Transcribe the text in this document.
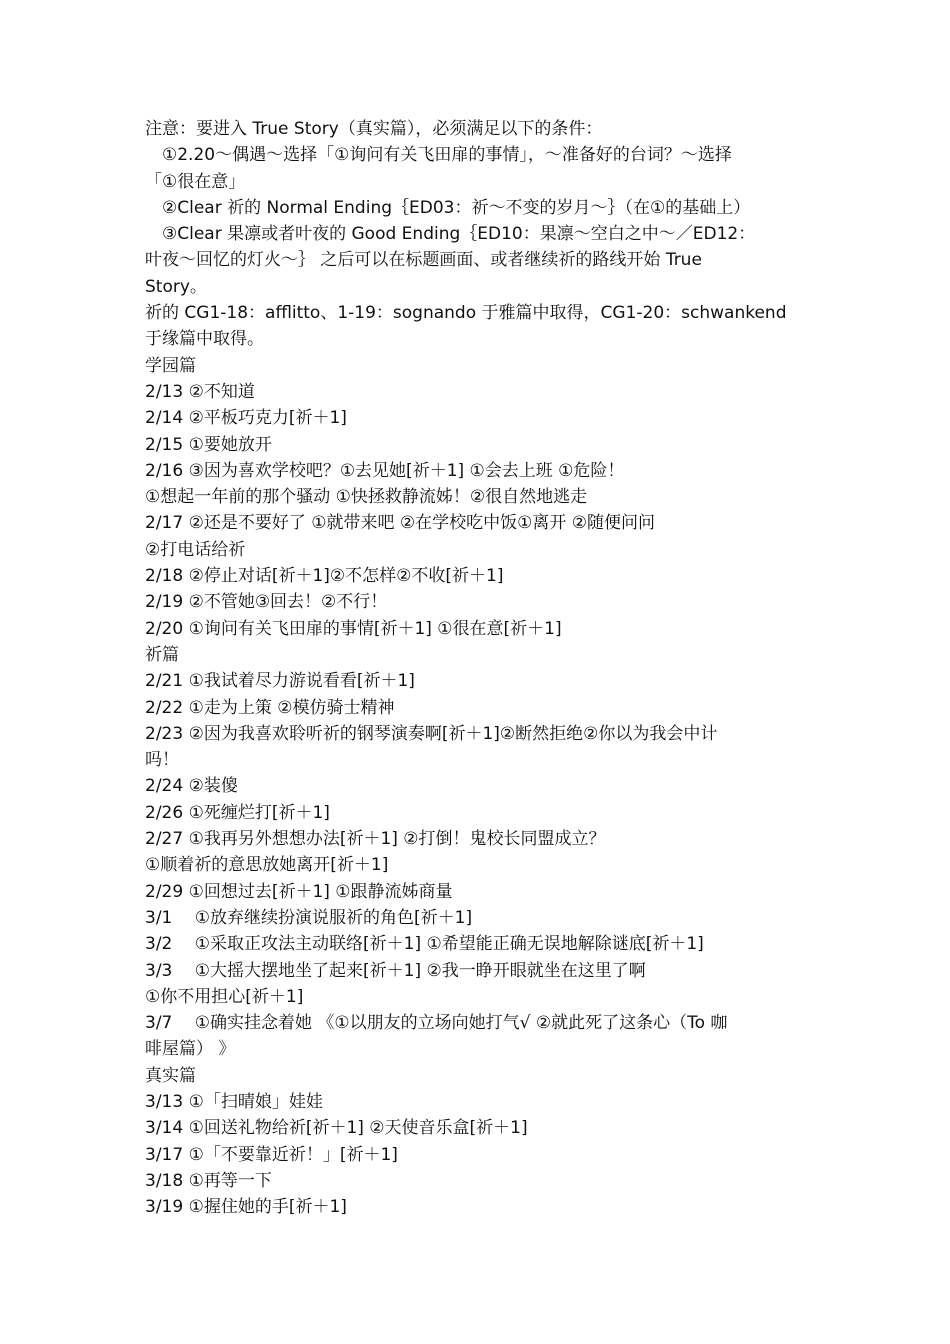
注意：要进入 True Story（真实篇），必须满足以下的条件：
　①2.20～偶遇～选择「①询问有关飞田扉的事情」，～准备好的台词？～选择
「①很在意」
　②Clear 祈的 Normal Ending｛ED03：祈～不变的岁月～｝（在①的基础上）
　③Clear 果凛或者叶夜的 Good Ending｛ED10：果凛～空白之中～／ED12：
叶夜～回忆的灯火～｝ 之后可以在标题画面、或者继续祈的路线开始 True
Story。
祈的 CG1-18：afflitto、1-19：sognando 于雅篇中取得，CG1-20：schwankend
于缘篇中取得。
学园篇
2/13 ②不知道
2/14 ②平板巧克力[祈＋1]
2/15 ①要她放开
2/16 ③因为喜欢学校吧？①去见她[祈＋1] ①会去上班 ①危险！
①想起一年前的那个骚动 ①快拯救静流姊！②很自然地逃走
2/17 ②还是不要好了 ①就带来吧 ②在学校吃中饭①离开 ②随便问问
②打电话给祈
2/18 ②停止对话[祈＋1]②不怎样②不收[祈＋1]
2/19 ②不管她③回去！②不行！
2/20 ①询问有关飞田扉的事情[祈＋1] ①很在意[祈＋1]
祈篇
2/21 ①我试着尽力游说看看[祈＋1]
2/22 ①走为上策 ②模仿骑士精神
2/23 ②因为我喜欢聆听祈的钢琴演奏啊[祈＋1]②断然拒绝②你以为我会中计
吗！
2/24 ②装傻
2/26 ①死缠烂打[祈＋1]
2/27 ①我再另外想想办法[祈＋1] ②打倒！鬼校长同盟成立？
①顺着祈的意思放她离开[祈＋1]
2/29 ①回想过去[祈＋1] ①跟静流姊商量
3/1　 ①放弃继续扮演说服祈的角色[祈＋1]
3/2　 ①采取正攻法主动联络[祈＋1] ①希望能正确无误地解除谜底[祈＋1]
3/3　 ①大摇大摆地坐了起来[祈＋1] ②我一睁开眼就坐在这里了啊
①你不用担心[祈＋1]
3/7　 ①确实挂念着她 《①以朋友的立场向她打气√ ②就此死了这条心（To 咖
啡屋篇） 》
真实篇
3/13 ①「扫晴娘」娃娃
3/14 ①回送礼物给祈[祈＋1] ②天使音乐盒[祈＋1]
3/17 ①「不要靠近祈！」[祈＋1]
3/18 ①再等一下
3/19 ①握住她的手[祈＋1]
